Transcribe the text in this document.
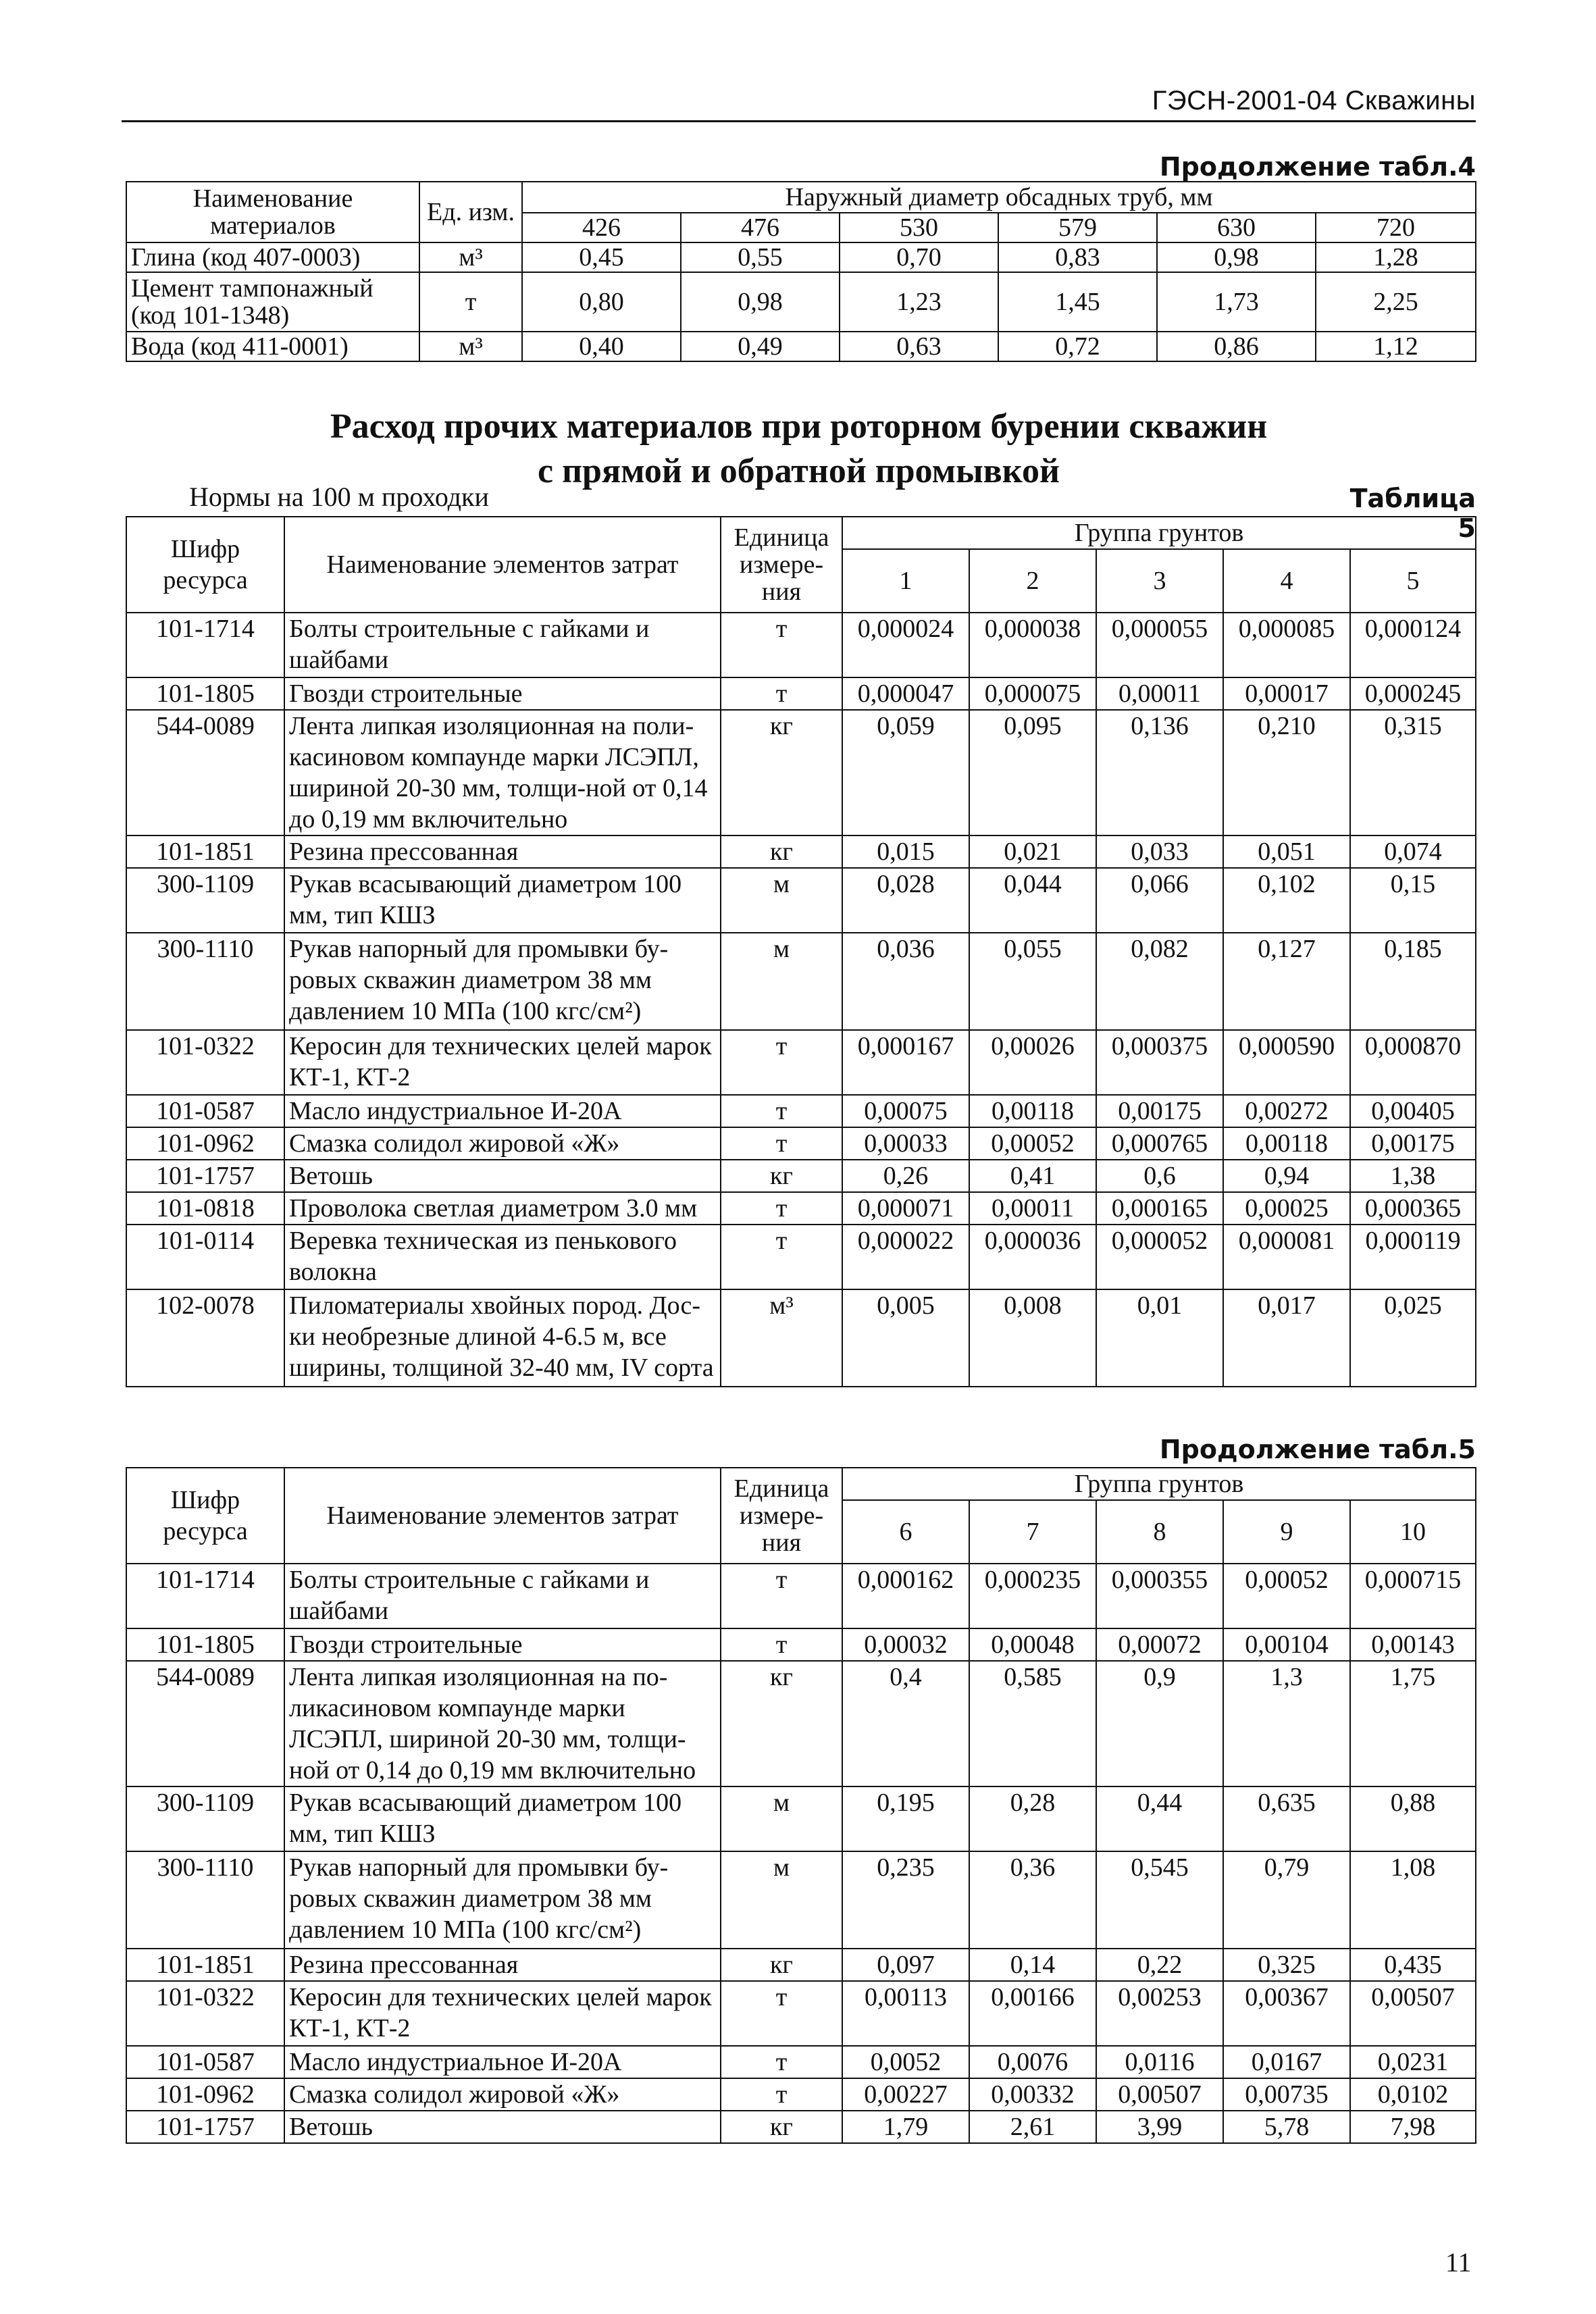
ГЭСН-2001-04 Скважины
Продолжение табл.4
Наименование материалов	Ед. изм.	Наружный диаметр обсадных труб, мм					
		426	476	530	579	630	720
Глина (код 407-0003)	м³	0,45	0,55	0,70	0,83	0,98	1,28
Цемент тампонажный (код 101-1348)	т	0,80	0,98	1,23	1,45	1,73	2,25
Вода (код 411-0001)	м³	0,40	0,49	0,63	0,72	0,86	1,12
Расход прочих материалов при роторном бурении скважин
с прямой и обратной промывкой
Нормы на 100 м проходки	Таблица 5
Шифр ресурса	Наименование элементов затрат	Единица измере-ния	Группа грунтов				
			1	2	3	4	5
101-1714	Болты строительные с гайками и шайбами	т	0,000024	0,000038	0,000055	0,000085	0,000124
101-1805	Гвозди строительные	т	0,000047	0,000075	0,00011	0,00017	0,000245
544-0089	Лента липкая изоляционная на поли-касиновом компаунде марки ЛСЭПЛ, шириной 20-30 мм, толщи-ной от 0,14 до 0,19 мм включительно	кг	0,059	0,095	0,136	0,210	0,315
101-1851	Резина прессованная	кг	0,015	0,021	0,033	0,051	0,074
300-1109	Рукав всасывающий диаметром 100 мм, тип КШЗ	м	0,028	0,044	0,066	0,102	0,15
300-1110	Рукав напорный для промывки бу-ровых скважин диаметром 38 мм давлением 10 МПа (100 кгс/см²)	м	0,036	0,055	0,082	0,127	0,185
101-0322	Керосин для технических целей марок КТ-1, КТ-2	т	0,000167	0,00026	0,000375	0,000590	0,000870
101-0587	Масло индустриальное И-20А	т	0,00075	0,00118	0,00175	0,00272	0,00405
101-0962	Смазка солидол жировой «Ж»	т	0,00033	0,00052	0,000765	0,00118	0,00175
101-1757	Ветошь	кг	0,26	0,41	0,6	0,94	1,38
101-0818	Проволока светлая диаметром 3.0 мм	т	0,000071	0,00011	0,000165	0,00025	0,000365
101-0114	Веревка техническая из пенькового волокна	т	0,000022	0,000036	0,000052	0,000081	0,000119
102-0078	Пиломатериалы хвойных пород. Дос-ки необрезные длиной 4-6.5 м, все ширины, толщиной 32-40 мм, IV сорта	м³	0,005	0,008	0,01	0,017	0,025
Продолжение табл.5
Шифр ресурса	Наименование элементов затрат	Единица измере-ния	Группа грунтов				
			6	7	8	9	10
101-1714	Болты строительные с гайками и шайбами	т	0,000162	0,000235	0,000355	0,00052	0,000715
101-1805	Гвозди строительные	т	0,00032	0,00048	0,00072	0,00104	0,00143
544-0089	Лента липкая изоляционная на по-ликасиновом компаунде марки ЛСЭПЛ, шириной 20-30 мм, толщи-ной от 0,14 до 0,19 мм включительно	кг	0,4	0,585	0,9	1,3	1,75
300-1109	Рукав всасывающий диаметром 100 мм, тип КШЗ	м	0,195	0,28	0,44	0,635	0,88
300-1110	Рукав напорный для промывки бу-ровых скважин диаметром 38 мм давлением 10 МПа (100 кгс/см²)	м	0,235	0,36	0,545	0,79	1,08
101-1851	Резина прессованная	кг	0,097	0,14	0,22	0,325	0,435
101-0322	Керосин для технических целей марок КТ-1, КТ-2	т	0,00113	0,00166	0,00253	0,00367	0,00507
101-0587	Масло индустриальное И-20А	т	0,0052	0,0076	0,0116	0,0167	0,0231
101-0962	Смазка солидол жировой «Ж»	т	0,00227	0,00332	0,00507	0,00735	0,0102
101-1757	Ветошь	кг	1,79	2,61	3,99	5,78	7,98
11
